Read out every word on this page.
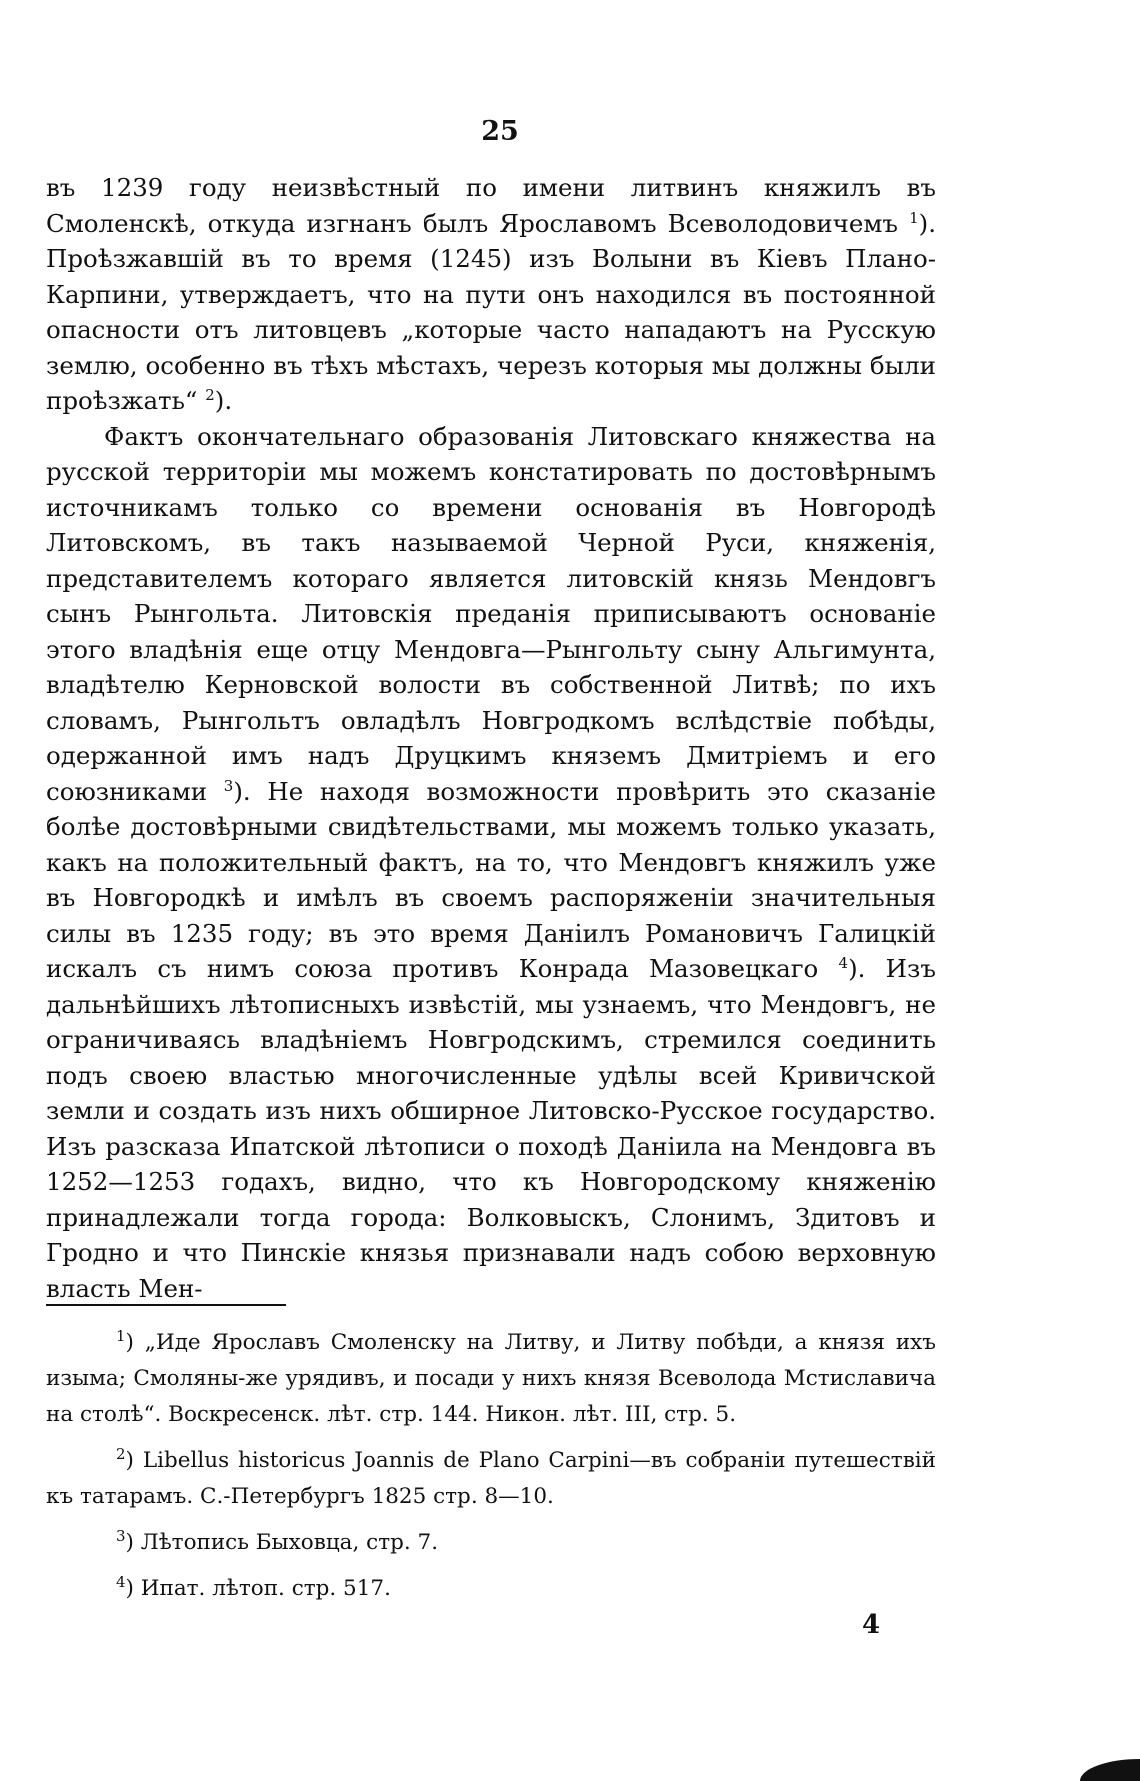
25

въ 1239 году неизвѣстный по имени литвинъ княжилъ въ Смоленскѣ, откуда изгнанъ былъ Ярославомъ Всеволодовичемъ $^1$). Проѣзжавшій въ то время (1245) изъ Волыни въ Кіевъ Плано-Карпини, утверждаетъ, что на пути онъ находился въ постоянной опасности отъ литовцевъ „которые часто нападаютъ на Русскую землю, особенно въ тѣхъ мѣстахъ, черезъ которыя мы должны были проѣзжать“ $^2$).

Фактъ окончательнаго образованія Литовскаго княжества на русской территоріи мы можемъ констатировать по достовѣрнымъ источникамъ только со времени основанія въ Новгородѣ Литовскомъ, въ такъ называемой Черной Руси, княженія, представителемъ котораго является литовскій князь Мендовгъ сынъ Рынгольта. Литовскія преданія приписываютъ основаніе этого владѣнія еще отцу Мендовга—Рынгольту сыну Альгимунта, владѣтелю Керновской волости въ собственной Литвѣ; по ихъ словамъ, Рынгольтъ овладѣлъ Новгродкомъ вслѣдствіе побѣды, одержанной имъ надъ Друцкимъ княземъ Дмитріемъ и его союзниками $^3$). Не находя возможности провѣрить это сказаніе болѣе достовѣрными свидѣтельствами, мы можемъ только указать, какъ на положительный фактъ, на то, что Мендовгъ княжилъ уже въ Новгородкѣ и имѣлъ въ своемъ распоряженіи значительныя силы въ 1235 году; въ это время Даніилъ Романовичъ Галицкій искалъ съ нимъ союза противъ Конрада Мазовецкаго $^4$). Изъ дальнѣйшихъ лѣтописныхъ извѣстій, мы узнаемъ, что Мендовгъ, не ограничиваясь владѣніемъ Новгродскимъ, стремился соединить подъ своею властью многочисленные удѣлы всей Кривичской земли и создать изъ нихъ обширное Литовско-Русское государство. Изъ разсказа Ипатской лѣтописи о походѣ Даніила на Мендовга въ 1252—1253 годахъ, видно, что къ Новгородскому княженію принадлежали тогда города: Волковыскъ, Слонимъ, Здитовъ и Гродно и что Пинскіе князья признавали надъ собою верховную власть Мен-

$^1$) „Иде Ярославъ Смоленску на Литву, и Литву побѣди, а князя ихъ изыма; Смоляны-же урядивъ, и посади у нихъ князя Всеволода Мстиславича на столѣ“. Воскресенск. лѣт. стр. 144. Никон. лѣт. III, стр. 5.

$^2$) Libellus historicus Joannis de Plano Carpini—въ собраніи путешествій къ татарамъ. С.-Петербургъ 1825 стр. 8—10.

$^3$) Лѣтопись Быховца, стр. 7.

$^4$) Ипат. лѣтоп. стр. 517.

4
